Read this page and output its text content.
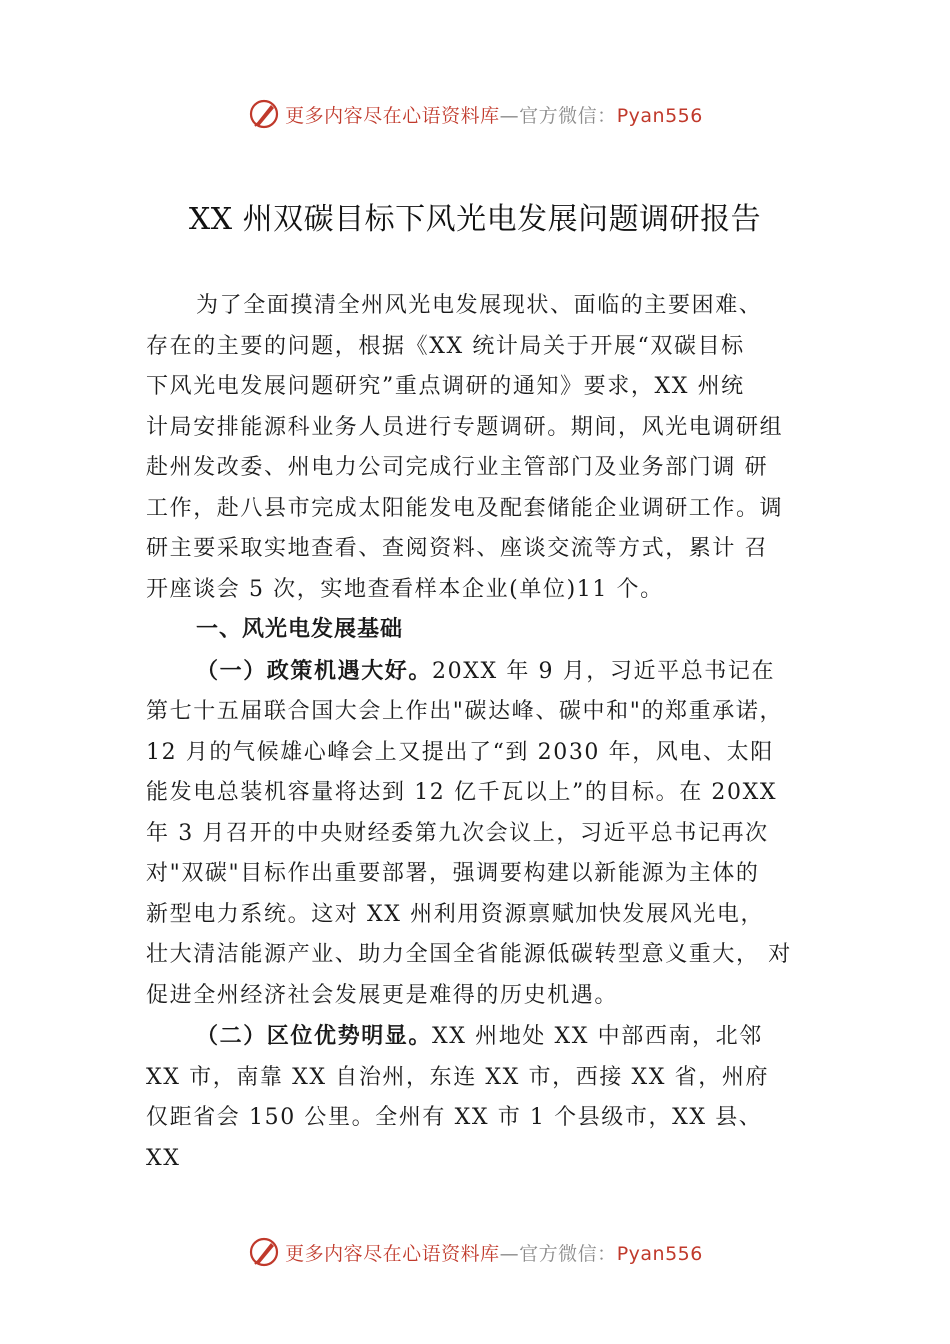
更多内容尽在心语资料库—官方微信：Pyan556
XX 州双碳目标下风光电发展问题调研报告

为了全面摸清全州风光电发展现状、面临的主要困难、
存在的主要的问题，根据《XX 统计局关于开展“双碳目标
下风光电发展问题研究”重点调研的通知》要求，XX 州统
计局安排能源科业务人员进行专题调研。期间，风光电调研组
赴州发改委、州电力公司完成行业主管部门及业务部门调 研
工作，赴八县市完成太阳能发电及配套储能企业调研工作。调
研主要采取实地查看、查阅资料、座谈交流等方式，累计 召
开座谈会 5 次，实地查看样本企业(单位)11 个。

一、风光电发展基础

（一）政策机遇大好。20XX 年 9 月，习近平总书记在
第七十五届联合国大会上作出"碳达峰、碳中和"的郑重承诺，
12 月的气候雄心峰会上又提出了“到 2030 年，风电、太阳
能发电总装机容量将达到 12 亿千瓦以上”的目标。在 20XX
年 3 月召开的中央财经委第九次会议上，习近平总书记再次
对"双碳"目标作出重要部署，强调要构建以新能源为主体的
新型电力系统。这对 XX 州利用资源禀赋加快发展风光电，
壮大清洁能源产业、助力全国全省能源低碳转型意义重大， 对
促进全州经济社会发展更是难得的历史机遇。

（二）区位优势明显。XX 州地处 XX 中部西南，北邻
XX 市，南靠 XX 自治州，东连 XX 市，西接 XX 省，州府
仅距省会 150 公里。全州有 XX 市 1 个县级市，XX 县、
XX

更多内容尽在心语资料库—官方微信：Pyan556
